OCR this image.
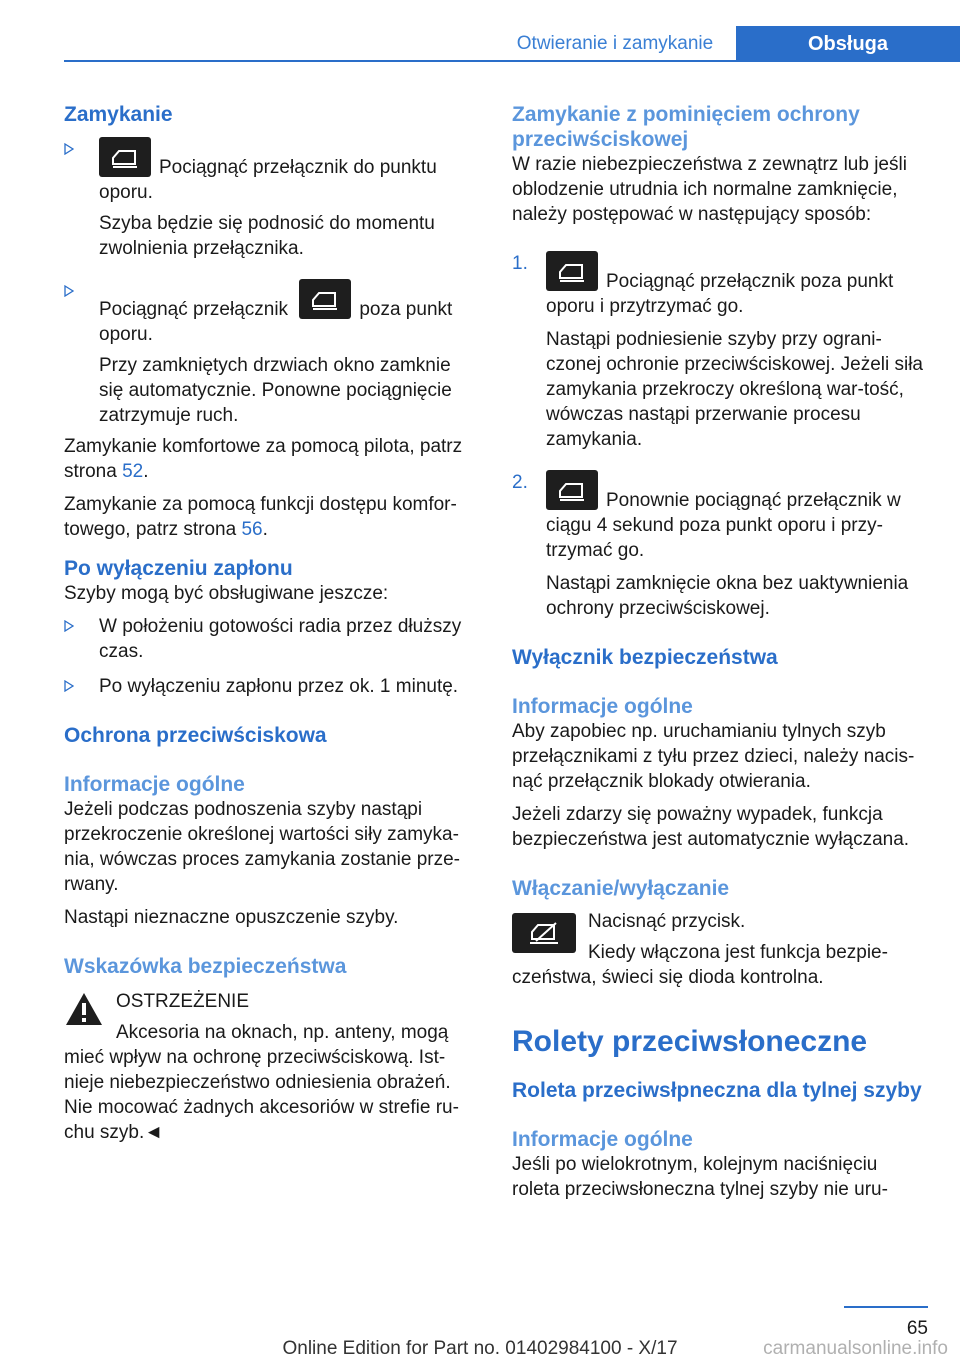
Otwieranie i zamykanie	Obsługa
Zamykanie

Pociągnąć przełącznik do punktu oporu.

Szyba będzie się podnosić do momentu zwolnienia przełącznika.

Pociągnąć przełącznik	poza punkt oporu.

Przy zamkniętych drzwiach okno zamknie się automatycznie. Ponowne pociągnięcie zatrzymuje ruch.

Zamykanie komfortowe za pomocą pilota, patrz strona 52.

Zamykanie za pomocą funkcji dostępu komfor‐towego, patrz strona 56.

Po wyłączeniu zapłonu

Szyby mogą być obsługiwane jeszcze:

W położeniu gotowości radia przez dłuższy czas.

Po wyłączeniu zapłonu przez ok. 1 minutę.

Ochrona przeciwściskowa
Informacje ogólne

Jeżeli podczas podnoszenia szyby nastąpi przekroczenie określonej wartości siły zamyka‐nia, wówczas proces zamykania zostanie prze‐rwany.

Nastąpi nieznaczne opuszczenie szyby.

Wskazówka bezpieczeństwa

OSTRZEŻENIE

Akcesoria na oknach, np. anteny, mogą mieć wpływ na ochronę przeciwściskową. Ist‐nieje niebezpieczeństwo odniesienia obrażeń. Nie mocować żadnych akcesoriów w strefie ru‐chu szyb.◄

Zamykanie z pominięciem ochrony przeciwściskowej

W razie niebezpieczeństwa z zewnątrz lub jeśli oblodzenie utrudnia ich normalne zamknięcie, należy postępować w następujący sposób:

1.

Pociągnąć przełącznik poza punkt oporu i przytrzymać go.

Nastąpi podniesienie szyby przy ograni‐czonej ochronie przeciwściskowej. Jeżeli siła zamykania przekroczy określoną war‐tość, wówczas nastąpi przerwanie procesu zamykania.

2.

Ponownie pociągnąć przełącznik w ciągu 4 sekund poza punkt oporu i przy‐trzymać go.

Nastąpi zamknięcie okna bez uaktywnienia ochrony przeciwściskowej.

Wyłącznik bezpieczeństwa
Informacje ogólne

Aby zapobiec np. uruchamianiu tylnych szyb przełącznikami z tyłu przez dzieci, należy nacis‐nąć przełącznik blokady otwierania.

Jeżeli zdarzy się poważny wypadek, funkcja bezpieczeństwa jest automatycznie wyłączana.

Włączanie/wyłączanie

Nacisnąć przycisk.

Kiedy włączona jest funkcja bezpie‐czeństwa, świeci się dioda kontrolna.

Rolety przeciwsłoneczne
Roleta przeciwsłpneczna dla tylnej szyby
Informacje ogólne

Jeśli po wielokrotnym, kolejnym naciśnięciu roleta przeciwsłoneczna tylnej szyby nie uru‐

65
Online Edition for Part no. 01402984100 - X/17	carmanualsonline.info
